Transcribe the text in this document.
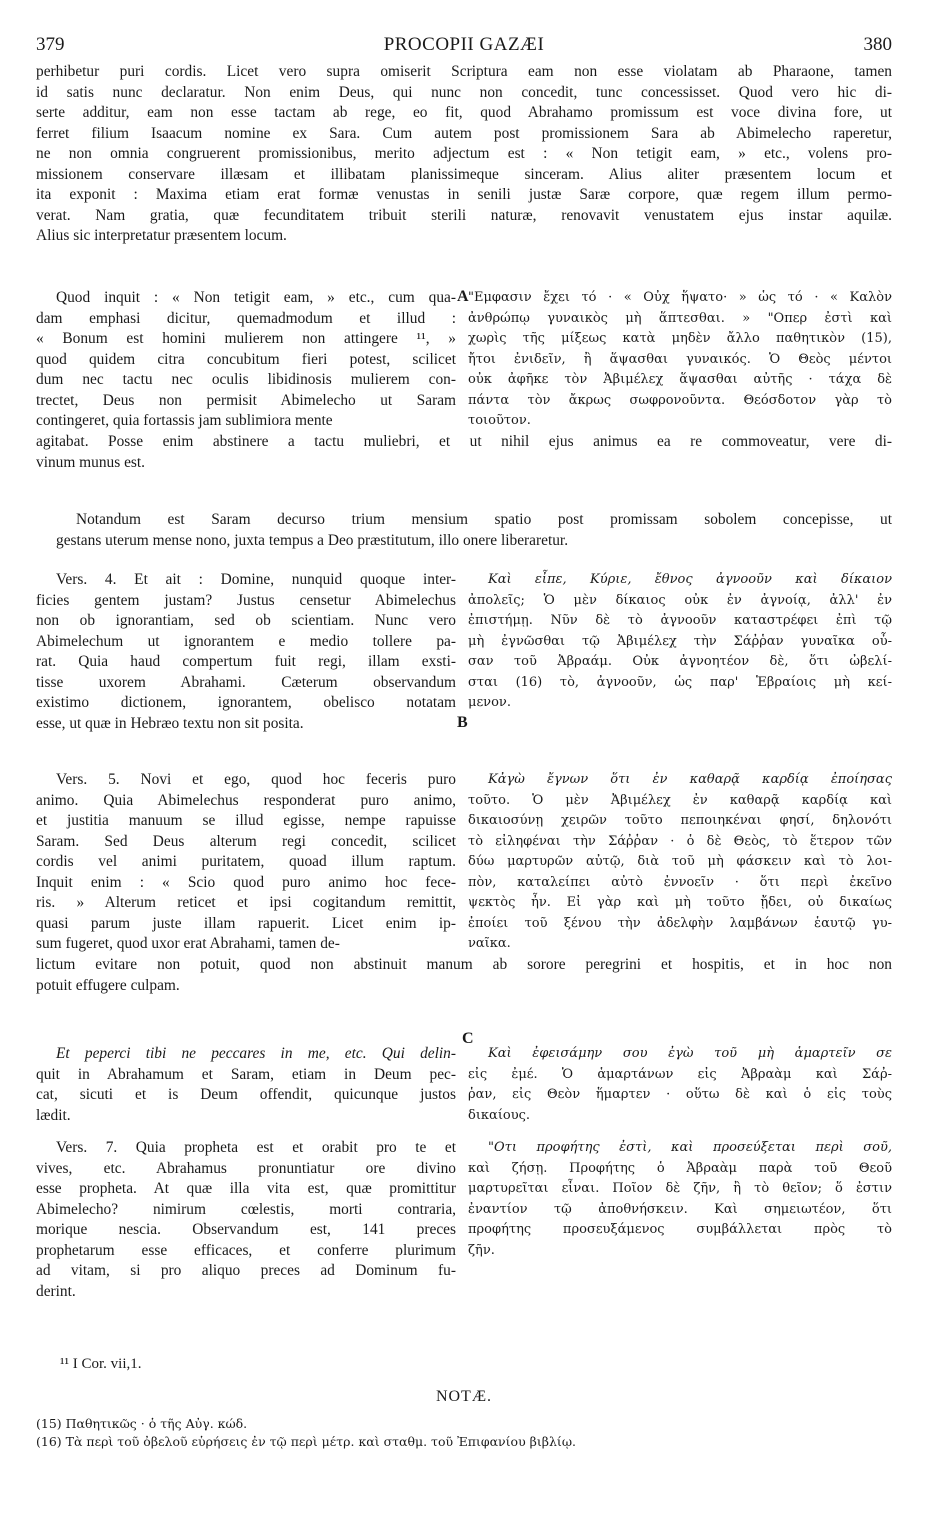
379	PROCOPII GAZÆI	380
perhibetur puri cordis. Licet vero supra omiserit Scriptura eam non esse violatam ab Pharaone, tamen
id satis nunc declaratur. Non enim Deus, qui nunc non concedit, tunc concessisset. Quod vero hic di-
serte additur, eam non esse tactam ab rege, eo fit, quod Abrahamo promissum est voce divina fore, ut
ferret filium Isaacum nomine ex Sara. Cum autem post promissionem Sara ab Abimelecho raperetur,
ne non omnia congruerent promissionibus, merito adjectum est : « Non tetigit eam, » etc., volens pro-
missionem conservare illæsam et illibatam planissimeque sinceram. Alius aliter præsentem locum et
ita exponit : Maxima etiam erat formæ venustas in senili justæ Saræ corpore, quæ regem illum permo-
verat. Nam gratia, quæ fecunditatem tribuit sterili naturæ, renovavit venustatem ejus instar aquilæ.
Alius sic interpretatur præsentem locum.
Quod inquit : « Non tetigit eam, » etc., cum qua-
dam emphasi dicitur, quemadmodum et illud :
« Bonum est homini mulierem non attingere ¹¹, »
quod quidem citra concubitum fieri potest, scilicet
dum nec tactu nec oculis libidinosis mulierem con-
trectet, Deus non permisit Abimelecho ut Saram
contingeret, quia fortassis jam sublimiora mente
"Εμφασιν ἔχει τό · « Οὐχ ἥψατο· » ὡς τό · « Καλὸν
ἀνθρώπῳ γυναικὸς μὴ ἅπτεσθαι. » "Οπερ ἐστὶ καὶ
χωρὶς τῆς μίξεως κατὰ μηδὲν ἄλλο παθητικὸν (15),
ἤτοι ἐνιδεῖν, ἢ ἅψασθαι γυναικός. Ὁ Θεὸς μέντοι
οὐκ ἀφῆκε τὸν Ἀβιμέλεχ ἅψασθαι αὐτῆς · τάχα δὲ
πάντα τὸν ἄκρως σωφρονοῦντα. Θεόσδοτον γὰρ τὸ
τοιοῦτον.
A
agitabat. Posse enim abstinere a tactu muliebri, et ut nihil ejus animus ea re commoveatur, vere di-
vinum munus est.
Notandum est Saram decurso trium mensium spatio post promissam sobolem concepisse, ut
gestans uterum mense nono, juxta tempus a Deo præstitutum, illo onere liberaretur.
Vers. 4. Et ait : Domine, nunquid quoque inter-
ficies gentem justam? Justus censetur Abimelechus
non ob ignorantiam, sed ob scientiam. Nunc vero
Abimelechum ut ignorantem e medio tollere pa-
rat. Quia haud compertum fuit regi, illam exsti-
tisse uxorem Abrahami. Cæterum observandum
existimo dictionem, ignorantem, obelisco notatam
esse, ut quæ in Hebræo textu non sit posita.
Καὶ εἶπε, Κύριε, ἔθνος ἀγνοοῦν καὶ δίκαιον
ἀπολεῖς; Ὁ μὲν δίκαιος οὐκ ἐν ἀγνοίᾳ, ἀλλ' ἐν
ἐπιστήμῃ. Νῦν δὲ τὸ ἀγνοοῦν καταστρέφει ἐπὶ τῷ
μὴ ἐγνῶσθαι τῷ Ἀβιμέλεχ τὴν Σάῤῥαν γυναῖκα οὖ-
σαν τοῦ Ἀβραάμ. Οὐκ ἀγνοητέον δὲ, ὅτι ὠβελί-
σται (16) τὸ, ἀγνοοῦν, ὡς παρ' Ἑβραίοις μὴ κεί-
μενον.
B
Vers. 5. Novi et ego, quod hoc feceris puro
animo. Quia Abimelechus responderat puro animo,
et justitia manuum se illud egisse, nempe rapuisse
Saram. Sed Deus alterum regi concedit, scilicet
cordis vel animi puritatem, quoad illum raptum.
Inquit enim : « Scio quod puro animo hoc fece-
ris. » Alterum reticet et ipsi cogitandum remittit,
quasi parum juste illam rapuerit. Licet enim ip-
sum fugeret, quod uxor erat Abrahami, tamen de-
Κἀγὼ ἔγνων ὅτι ἐν καθαρᾷ καρδίᾳ ἐποίησας
τοῦτο. Ὁ μὲν Ἀβιμέλεχ ἐν καθαρᾷ καρδίᾳ καὶ
δικαιοσύνῃ χειρῶν τοῦτο πεποιηκέναι φησί, δηλονότι
τὸ εἰληφέναι τὴν Σάῤῥαν · ὁ δὲ Θεὸς, τὸ ἕτερον τῶν
δύω μαρτυρῶν αὐτῷ, διὰ τοῦ μὴ φάσκειν καὶ τὸ λοι-
πὸν, καταλείπει αὐτὸ ἐννοεῖν · ὅτι περὶ ἐκεῖνο
ψεκτὸς ἦν. Εἰ γὰρ καὶ μὴ τοῦτο ᾔδει, οὐ δικαίως
ἐποίει τοῦ ξένου τὴν ἀδελφὴν λαμβάνων ἑαυτῷ γυ-
ναῖκα.
lictum evitare non potuit, quod non abstinuit manum ab sorore peregrini et hospitis, et in hoc non
potuit effugere culpam.
C
Et peperci tibi ne peccares in me, etc. Qui delin-
quit in Abrahamum et Saram, etiam in Deum pec-
cat, sicuti et is Deum offendit, quicunque justos
lædit.
Καὶ ἐφεισάμην σου ἐγὼ τοῦ μὴ ἁμαρτεῖν σε
εἰς ἐμέ. Ὁ ἁμαρτάνων εἰς Ἀβραὰμ καὶ Σάῤ-
ῥαν, εἰς Θεὸν ἥμαρτεν · οὕτω δὲ καὶ ὁ εἰς τοὺς
δικαίους.
Vers. 7. Quia propheta est et orabit pro te et
vives, etc. Abrahamus pronuntiatur ore divino
esse propheta. At quæ illa vita est, quæ promittitur
Abimelecho? nimirum cœlestis, morti contraria,
morique nescia. Observandum est, 141 preces
prophetarum esse efficaces, et conferre plurimum
ad vitam, si pro aliquo preces ad Dominum fu-
derint.
"Οτι προφήτης ἐστὶ, καὶ προσεύξεται περὶ σοῦ,
καὶ ζήσῃ. Προφήτης ὁ Ἀβραὰμ παρὰ τοῦ Θεοῦ
μαρτυρεῖται εἶναι. Ποῖον δὲ ζῆν, ἢ τὸ θεῖον; ὅ ἐστιν
ἐναντίον τῷ ἀποθνήσκειν. Καὶ σημειωτέον, ὅτι
προφήτης προσευξάμενος συμβάλλεται πρὸς τὸ
ζῆν.
¹¹ I Cor. vii,1.
NOTÆ.
(15) Παθητικῶς · ὁ τῆς Αὐγ. κώδ.
(16) Τὰ περὶ τοῦ ὀβελοῦ εὑρήσεις ἐν τῷ περὶ μέτρ. καὶ σταθμ. τοῦ Ἐπιφανίου βιβλίῳ.
